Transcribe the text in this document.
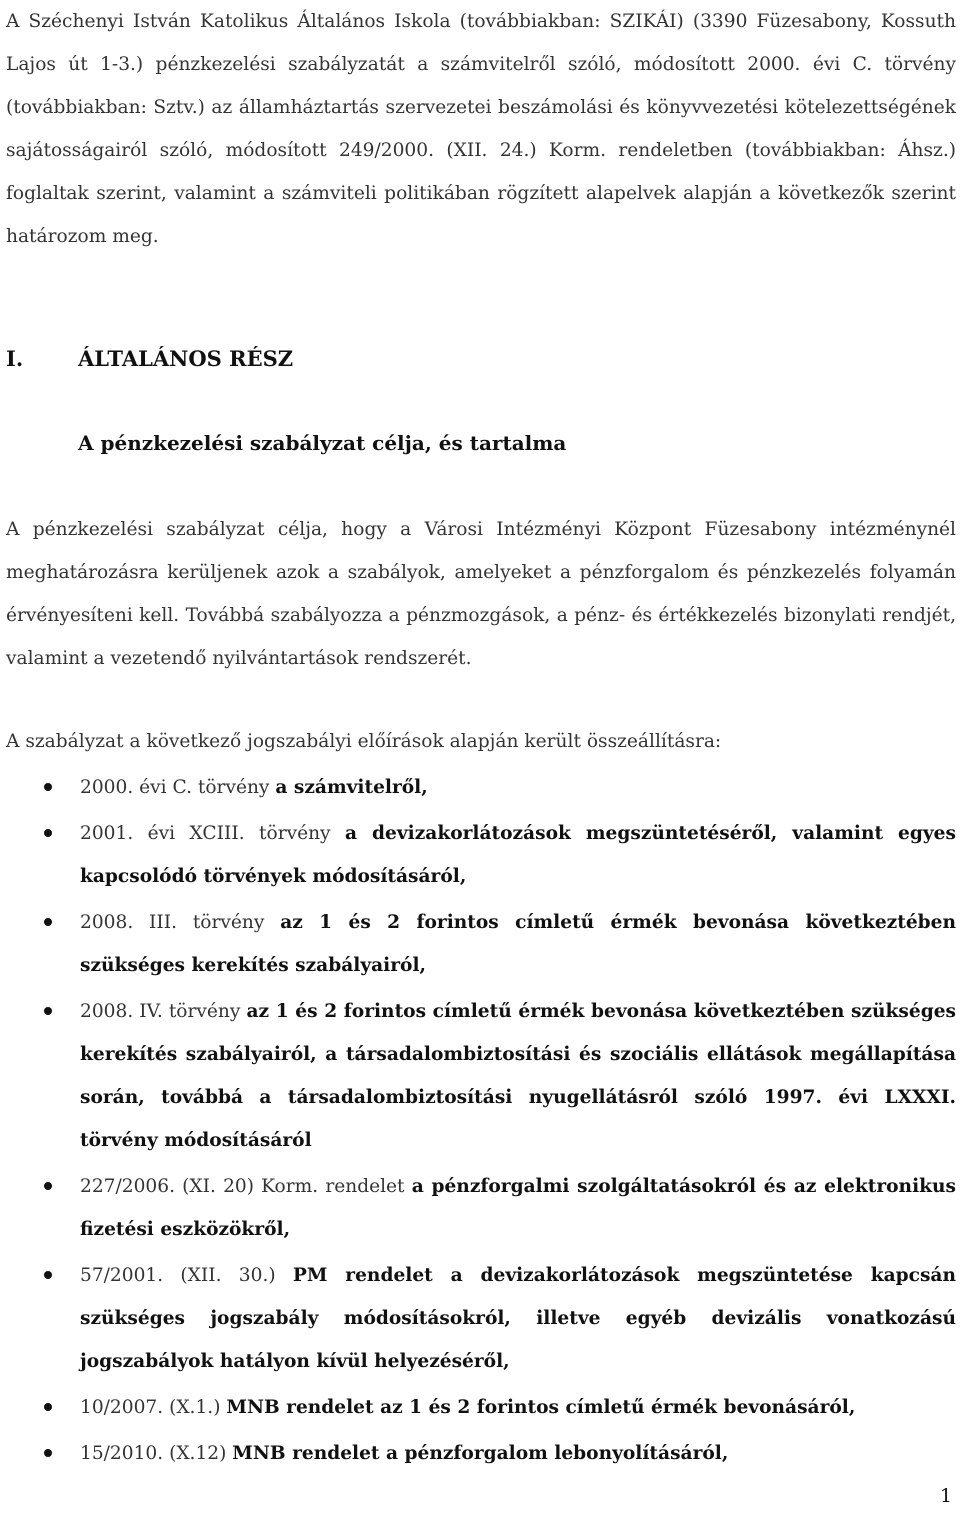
A Széchenyi István Katolikus Általános Iskola (továbbiakban: SZIKÁI) (3390 Füzesabony, Kossuth Lajos út 1-3.) pénzkezelési szabályzatát a számvitelről szóló, módosított 2000. évi C. törvény (továbbiakban: Sztv.) az államháztartás szervezetei beszámolási és könyvvezetési kötelezettségének sajátosságairól szóló, módosított 249/2000. (XII. 24.) Korm. rendeletben (továbbiakban: Áhsz.) foglaltak szerint, valamint a számviteli politikában rögzített alapelvek alapján a következők szerint határozom meg.

I.	ÁLTALÁNOS RÉSZ
A pénzkezelési szabályzat célja, és tartalma

A pénzkezelési szabályzat célja, hogy a Városi Intézményi Központ Füzesabony intézménynél meghatározásra kerüljenek azok a szabályok, amelyeket a pénzforgalom és pénzkezelés folyamán érvényesíteni kell. Továbbá szabályozza a pénzmozgások, a pénz- és értékkezelés bizonylati rendjét, valamint a vezetendő nyilvántartások rendszerét.

A szabályzat a következő jogszabályi előírások alapján került összeállításra:

2000. évi C. törvény a számvitelről,
2001. évi XCIII. törvény a devizakorlátozások megszüntetéséről, valamint egyes kapcsolódó törvények módosításáról,
2008. III. törvény az 1 és 2 forintos címletű érmék bevonása következtében szükséges kerekítés szabályairól,
2008. IV. törvény az 1 és 2 forintos címletű érmék bevonása következtében szükséges kerekítés szabályairól, a társadalombiztosítási és szociális ellátások megállapítása során, továbbá a társadalombiztosítási nyugellátásról szóló 1997. évi LXXXI. törvény módosításáról
227/2006. (XI. 20) Korm. rendelet a pénzforgalmi szolgáltatásokról és az elektronikus fizetési eszközökről,
57/2001. (XII. 30.) PM rendelet a devizakorlátozások megszüntetése kapcsán szükséges jogszabály módosításokról, illetve egyéb devizális vonatkozású jogszabályok hatályon kívül helyezéséről,
10/2007. (X.1.) MNB rendelet az 1 és 2 forintos címletű érmék bevonásáról,
15/2010. (X.12) MNB rendelet a pénzforgalom lebonyolításáról,
1
